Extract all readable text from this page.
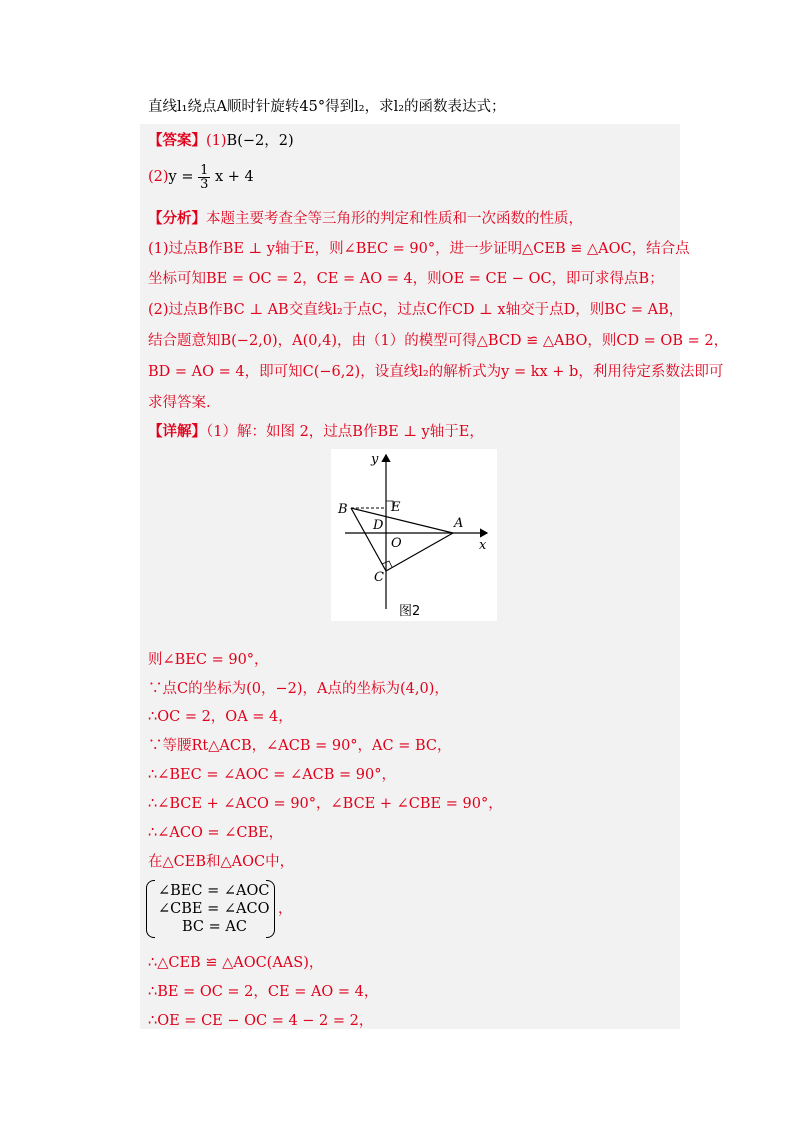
直线l₁绕点A顺时针旋转45°得到l₂，求l₂的函数表达式；
【答案】(1)B(−2，2)
$(2)y = \frac{1}{3}$ x + 4
【分析】本题主要考查全等三角形的判定和性质和一次函数的性质，
(1)过点B作BE ⊥ y轴于E，则∠BEC = 90°，进一步证明△CEB ≌ △AOC，结合点
坐标可知BE = OC = 2，CE = AO = 4，则OE = CE − OC，即可求得点B；
(2)过点B作BC ⊥ AB交直线l₂于点C，过点C作CD ⊥ x轴交于点D，则BC = AB，
结合题意知B(−2,0)，A(0,4)，由（1）的模型可得△BCD ≌ △ABO，则CD = OB = 2，
BD = AO = 4，即可知C(−6,2)，设直线l₂的解析式为y = kx + b，利用待定系数法即可
求得答案.
【详解】（1）解：如图 2，过点B作BE ⊥ y轴于E，
y
x
B	E
D	A
O
C
图2
则∠BEC = 90°，
∵点C的坐标为(0，−2)，A点的坐标为(4,0)，
∴OC = 2，OA = 4，
∵等腰Rt△ACB，∠ACB = 90°，AC = BC，
∴∠BEC = ∠AOC = ∠ACB = 90°，
∴∠BCE + ∠ACO = 90°，∠BCE + ∠CBE = 90°，
∴∠ACO = ∠CBE，
在△CEB和△AOC中，
∠BEC = ∠AOC
∠CBE = ∠ACO
BC = AC
，
∴△CEB ≌ △AOC(AAS)，
∴BE = OC = 2，CE = AO = 4，
∴OE = CE − OC = 4 − 2 = 2，
